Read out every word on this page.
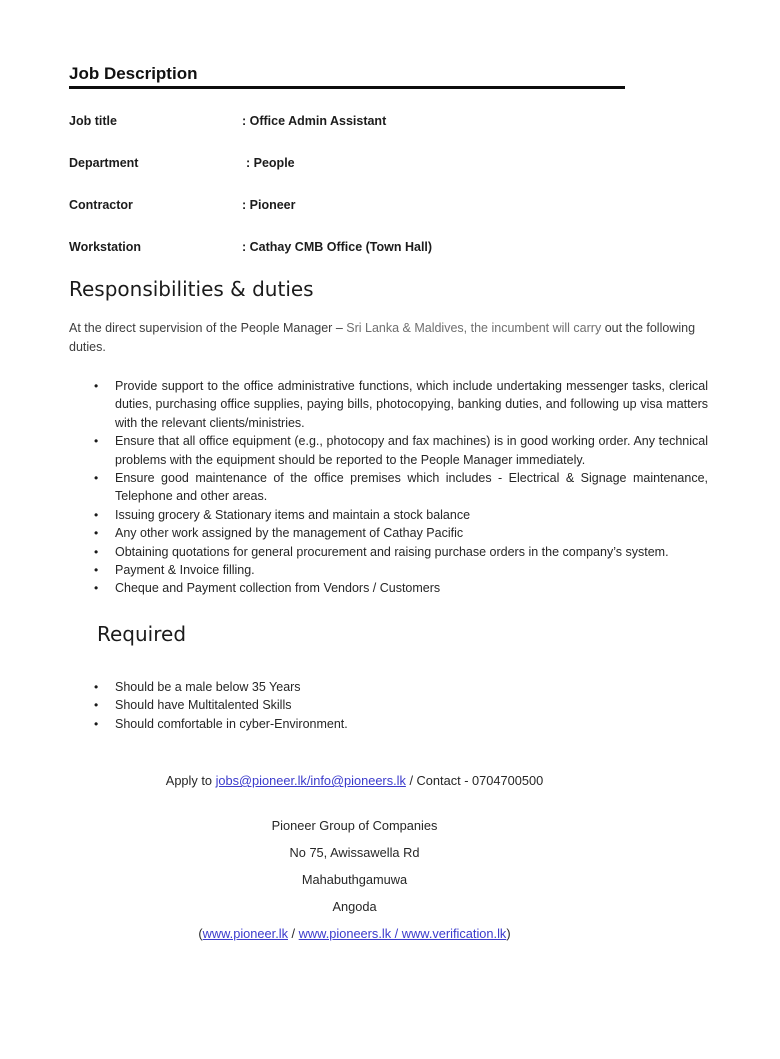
Job Description
Job title	: Office Admin Assistant
Department	: People
Contractor	: Pioneer
Workstation	: Cathay CMB Office (Town Hall)
Responsibilities & duties

At the direct supervision of the People Manager – Sri Lanka & Maldives, the incumbent will carry out the following duties.

• Provide support to the office administrative functions, which include undertaking messenger tasks, clerical duties, purchasing office supplies, paying bills, photocopying, banking duties, and following up visa matters with the relevant clients/ministries.
• Ensure that all office equipment (e.g., photocopy and fax machines) is in good working order. Any technical problems with the equipment should be reported to the People Manager immediately.
• Ensure good maintenance of the office premises which includes - Electrical & Signage maintenance, Telephone and other areas.
• Issuing grocery & Stationary items and maintain a stock balance
• Any other work assigned by the management of Cathay Pacific
• Obtaining quotations for general procurement and raising purchase orders in the company’s system.
• Payment & Invoice filling.
• Cheque and Payment collection from Vendors / Customers
Required
• Should be a male below 35 Years
• Should have Multitalented Skills
• Should comfortable in cyber-Environment.

Apply to jobs@pioneer.lk/info@pioneers.lk / Contact - 0704700500

Pioneer Group of Companies

No 75, Awissawella Rd

Mahabuthgamuwa

Angoda

(www.pioneer.lk / www.pioneers.lk / www.verification.lk)
